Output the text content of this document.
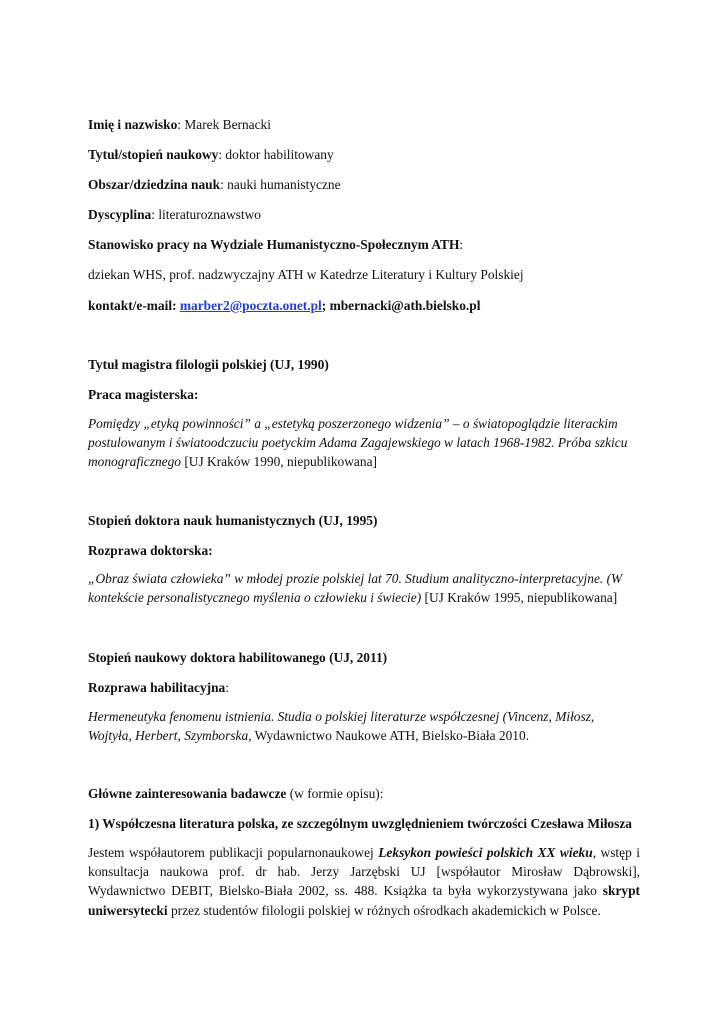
Imię i nazwisko: Marek Bernacki
Tytuł/stopień naukowy: doktor habilitowany
Obszar/dziedzina nauk: nauki humanistyczne
Dyscyplina: literaturoznawstwo
Stanowisko pracy na Wydziale Humanistyczno-Społecznym ATH:
dziekan WHS, prof. nadzwyczajny ATH w Katedrze Literatury i Kultury Polskiej
kontakt/e-mail: marber2@poczta.onet.pl; mbernacki@ath.bielsko.pl
Tytuł magistra filologii polskiej (UJ, 1990)
Praca magisterska:
Pomiędzy „etyką powinności” a „estetyką poszerzonego widzenia” – o światopoglądzie literackim
postulowanym i światoodczuciu poetyckim Adama Zagajewskiego w latach 1968-1982. Próba szkicu
monograficznego [UJ Kraków 1990, niepublikowana]
Stopień doktora nauk humanistycznych (UJ, 1995)
Rozprawa doktorska:
„Obraz świata człowieka” w młodej prozie polskiej lat 70. Studium analityczno-interpretacyjne. (W
kontekście personalistycznego myślenia o człowieku i świecie) [UJ Kraków 1995, niepublikowana]
Stopień naukowy doktora habilitowanego (UJ, 2011)
Rozprawa habilitacyjna:
Hermeneutyka fenomenu istnienia. Studia o polskiej literaturze współczesnej (Vincenz, Miłosz,
Wojtyła, Herbert, Szymborska, Wydawnictwo Naukowe ATH, Bielsko-Biała 2010.
Główne zainteresowania badawcze (w formie opisu):
1) Współczesna literatura polska, ze szczególnym uwzględnieniem twórczości Czesława Miłosza
Jestem współautorem publikacji popularnonaukowej Leksykon powieści polskich XX wieku, wstęp i konsultacja naukowa prof. dr hab. Jerzy Jarzębski UJ [współautor Mirosław Dąbrowski], Wydawnictwo DEBIT, Bielsko-Biała 2002, ss. 488. Książka ta była wykorzystywana jako skrypt uniwersytecki przez studentów filologii polskiej w różnych ośrodkach akademickich w Polsce.
